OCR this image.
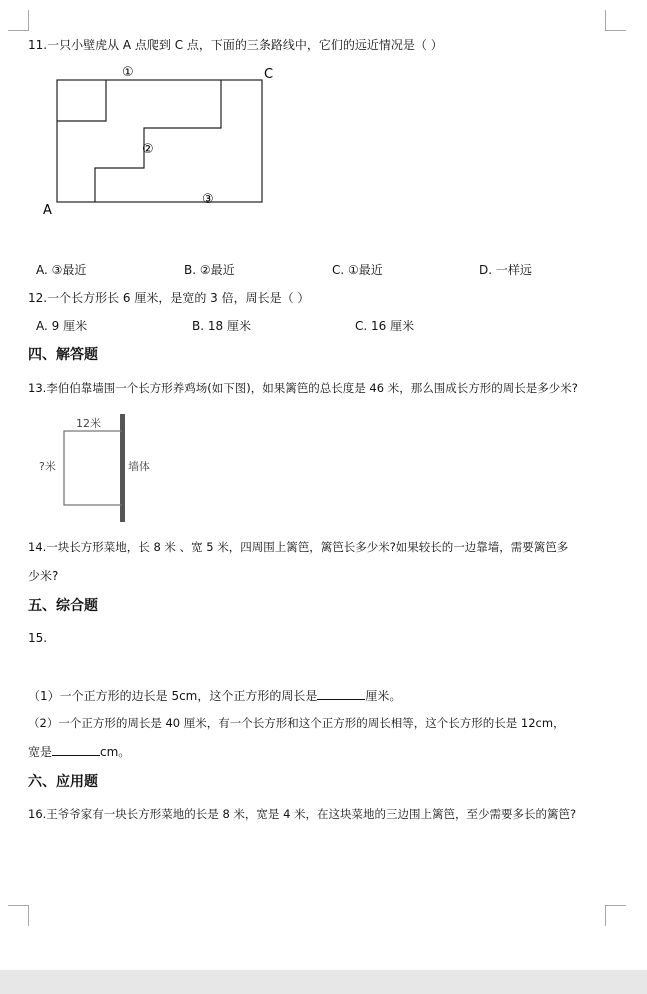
11.一只小壁虎从 A 点爬到 C 点，下面的三条路线中，它们的远近情况是（ ）
A
C
①
②
③
A. ③最近	B. ②最近	C. ①最近	D. 一样远
12.一个长方形长 6 厘米，是宽的 3 倍，周长是（ ）
A. 9 厘米	B. 18 厘米	C. 16 厘米
四、解答题
13.李伯伯靠墙围一个长方形养鸡场(如下图)，如果篱笆的总长度是 46 米，那么围成长方形的周长是多少米?
12米
?米	墙体
14.一块长方形菜地，长 8 米 、宽 5 米，四周围上篱笆，篱笆长多少米?如果较长的一边靠墙，需要篱笆多
少米?
五、综合题
15.
（1）一个正方形的边长是 5cm，这个正方形的周长是	厘米。
（2）一个正方形的周长是 40 厘米，有一个长方形和这个正方形的周长相等，这个长方形的长是 12cm，
宽是	cm。
六、应用题
16.王爷爷家有一块长方形菜地的长是 8 米，宽是 4 米，在这块菜地的三边围上篱笆，至少需要多长的篱笆?
